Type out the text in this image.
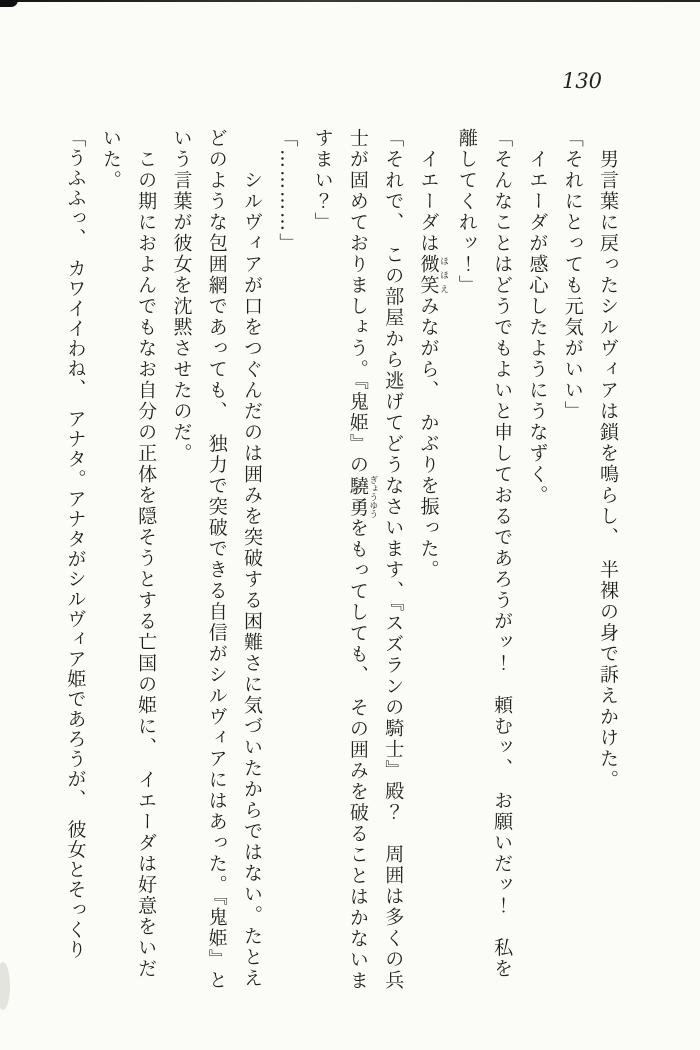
130

男言葉に戻ったシルヴィアは鎖を鳴らし、　半裸の身で訴えかけた。

「それにとっても元気がいい」

イエーダが感心したようにうなずく。

「そんなことはどうでもよいと申しておるであろうがッ！　頼むッ、　お願いだッ！　私を離してくれッ！」

イエーダは微笑 ほほえみながら、　かぶりを振った。

「それで、　この部屋から逃げてどうなさいます、『スズランの騎士』殿？　周囲は多くの兵士が固めておりましょう。『鬼姫』の驍勇 ぎょうゆうをもってしても、　その囲みを破ることはかないますまい？」

「…………」

シルヴィアが口をつぐんだのは囲みを突破する困難さに気づいたからではない。たとえどのような包囲網であっても、　独力で突破できる自信がシルヴィアにはあった。『鬼姫』という言葉が彼女を沈黙させたのだ。

この期におよんでもなお自分の正体を隠そうとする亡国の姫に、　イエーダは好意をいだいた。

「うふふっ、　カワイイわね、　アナタ。アナタがシルヴィア姫であろうが、　彼女とそっくり
